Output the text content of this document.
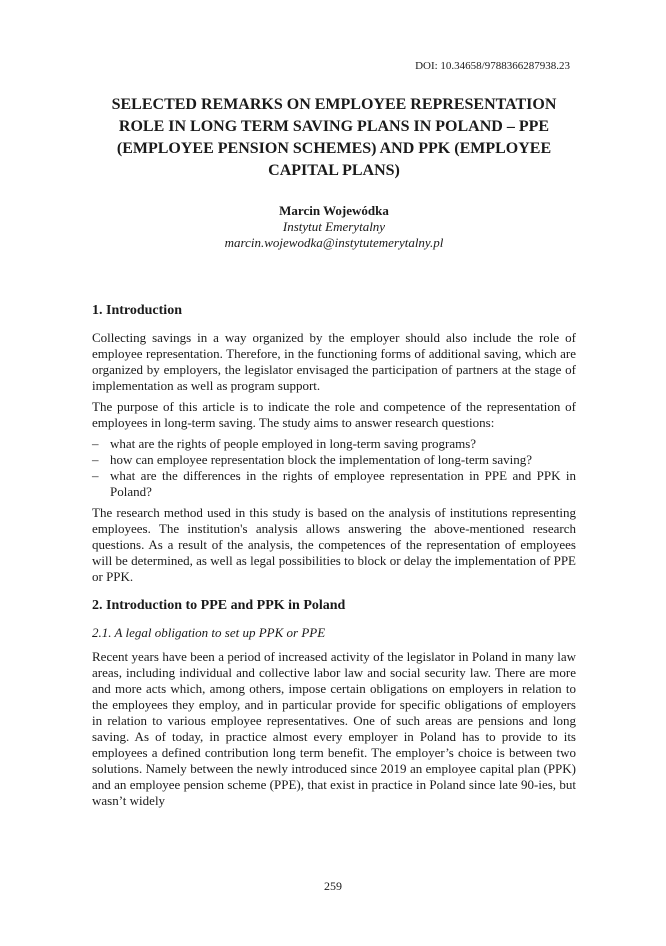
DOI: 10.34658/9788366287938.23
SELECTED REMARKS ON EMPLOYEE REPRESENTATION ROLE IN LONG TERM SAVING PLANS IN POLAND – PPE (EMPLOYEE PENSION SCHEMES) AND PPK (EMPLOYEE CAPITAL PLANS)
Marcin Wojewódka
Instytut Emerytalny
marcin.wojewodka@instytutemerytalny.pl
1. Introduction

Collecting savings in a way organized by the employer should also include the role of employee representation. Therefore, in the functioning forms of additional saving, which are organized by employers, the legislator envisaged the participation of partners at the stage of implementation as well as program support.

The purpose of this article is to indicate the role and competence of the representation of employees in long-term saving. The study aims to answer research questions:

– what are the rights of people employed in long-term saving programs?
– how can employee representation block the implementation of long-term saving?
– what are the differences in the rights of employee representation in PPE and PPK in Poland?

The research method used in this study is based on the analysis of institutions representing employees. The institution's analysis allows answering the above-mentioned research questions. As a result of the analysis, the competences of the representation of employees will be determined, as well as legal possibilities to block or delay the implementation of PPE or PPK.

2. Introduction to PPE and PPK in Poland
2.1. A legal obligation to set up PPK or PPE

Recent years have been a period of increased activity of the legislator in Poland in many law areas, including individual and collective labor law and social security law. There are more and more acts which, among others, impose certain obligations on employers in relation to the employees they employ, and in particular provide for specific obligations of employers in relation to various employee representatives. One of such areas are pensions and long saving. As of today, in practice almost every employer in Poland has to provide to its employees a defined contribution long term benefit. The employer’s choice is between two solutions. Namely between the newly introduced since 2019 an employee capital plan (PPK) and an employee pension scheme (PPE), that exist in practice in Poland since late 90-ies, but wasn’t widely

259
